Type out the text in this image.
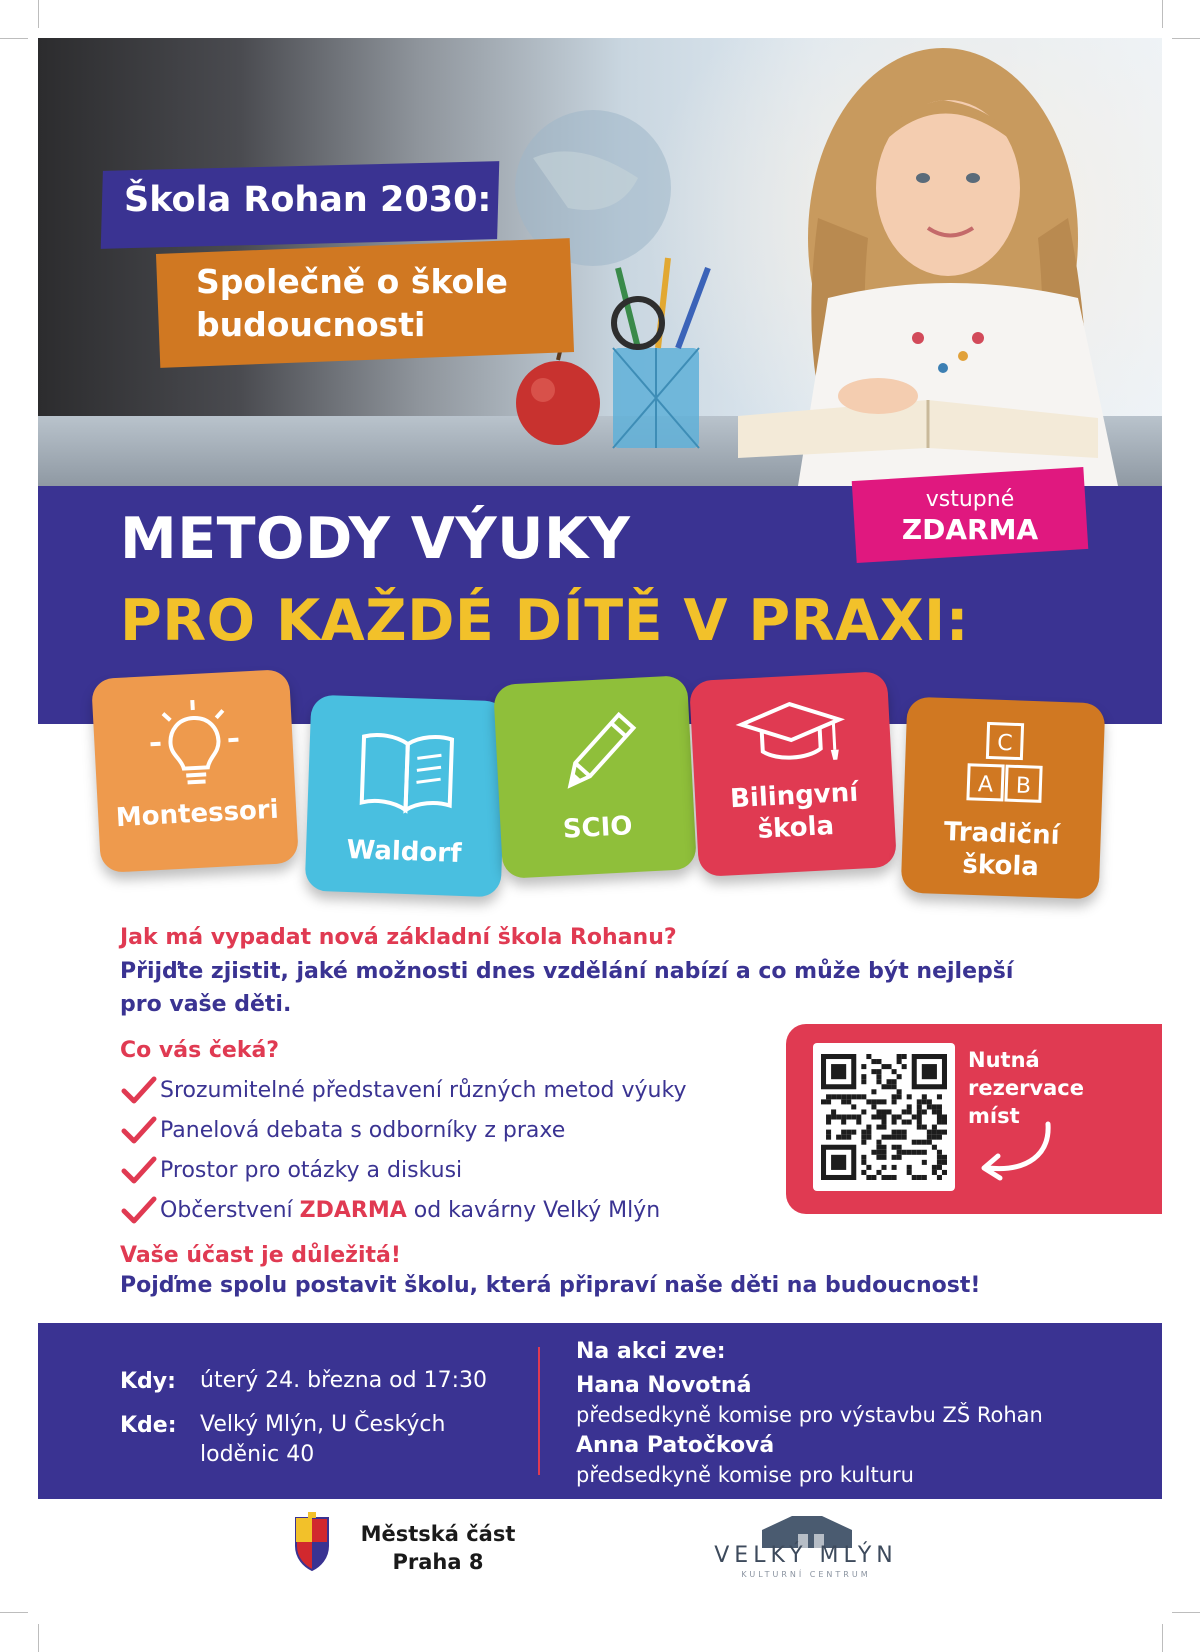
Škola Rohan 2030:
Společně o škole budoucnosti
METODY VÝUKY
PRO KAŽDÉ DÍTĚ V PRAXI:
vstupné
ZDARMA
Montessori
Waldorf
SCIO
Bilingvní škola
C
A B
Tradiční škola
Jak má vypadat nová základní škola Rohanu?
Přijďte zjistit, jaké možnosti dnes vzdělání nabízí a co může být nejlepší pro vaše děti.
Co vás čeká?
Srozumitelné představení různých metod výuky
Panelová debata s odborníky z praxe
Prostor pro otázky a diskusi
Občerstvení ZDARMA od kavárny Velký Mlýn
Nutná rezervace míst
Vaše účast je důležitá!
Pojďme spolu postavit školu, která připraví naše děti na budoucnost!
Kdy: úterý 24. března od 17:30
Kde: Velký Mlýn, U Českých loděnic 40
Na akci zve:
Hana Novotná
předsedkyně komise pro výstavbu ZŠ Rohan
Anna Patočková
předsedkyně komise pro kulturu
Městská část Praha 8	VELKÝ MLÝN
KULTURNÍ CENTRUM
